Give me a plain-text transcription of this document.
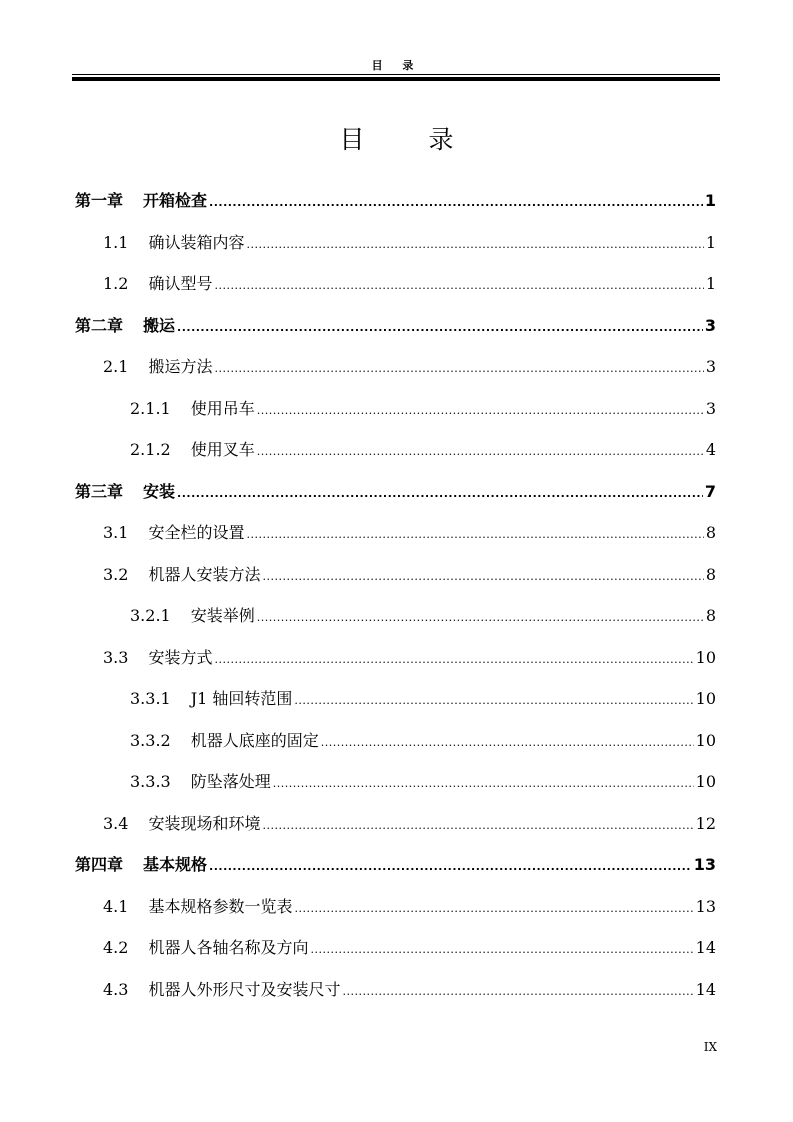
目 录
目 录
第一章 开箱检查 .....	1
1.1 确认装箱内容 .....	1
1.2 确认型号 .....	1
第二章 搬运 .....	3
2.1 搬运方法 .....	3
2.1.1 使用吊车 .....	3
2.1.2 使用叉车 .....	4
第三章 安装 .....	7
3.1 安全栏的设置 .....	8
3.2 机器人安装方法 .....	8
3.2.1 安装举例 .....	8
3.3 安装方式 .....	10
3.3.1 J1 轴回转范围 .....	10
3.3.2 机器人底座的固定 .....	10
3.3.3 防坠落处理 .....	10
3.4 安装现场和环境 .....	12
第四章 基本规格 .....	13
4.1 基本规格参数一览表 .....	13
4.2 机器人各轴名称及方向 .....	14
4.3 机器人外形尺寸及安装尺寸 .....	14
IX
